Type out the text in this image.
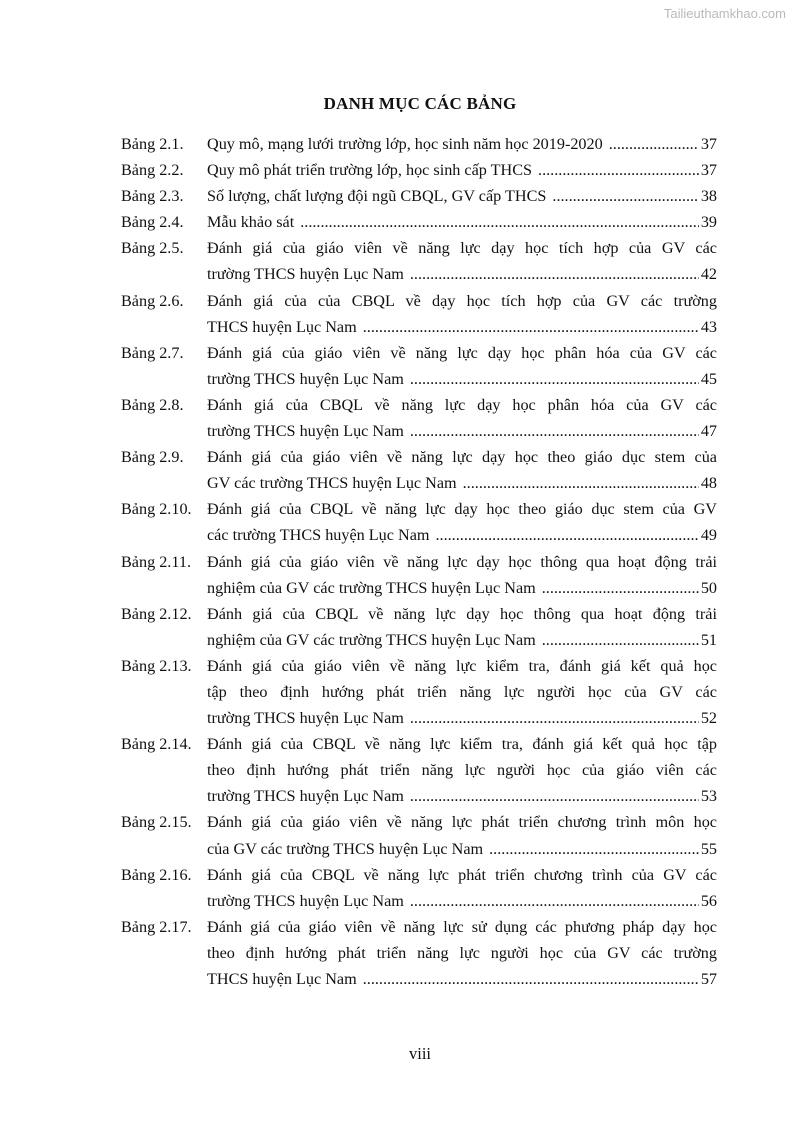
Tailieuthamkhao.com
DANH MỤC CÁC BẢNG
Bảng 2.1.	Quy mô, mạng lưới trường lớp, học sinh năm học 2019-2020 .....	37
Bảng 2.2.	Quy mô phát triển trường lớp, học sinh cấp THCS .....	37
Bảng 2.3.	Số lượng, chất lượng đội ngũ CBQL, GV cấp THCS .....	38
Bảng 2.4.	Mẫu khảo sát .....	39
Bảng 2.5.	Đánh giá của giáo viên về năng lực dạy học tích hợp của GV các
trường THCS huyện Lục Nam .....	42
Bảng 2.6.	Đánh giá của của CBQL về dạy học tích hợp của GV các trường
THCS huyện Lục Nam .....	43
Bảng 2.7.	Đánh giá của giáo viên về năng lực dạy học phân hóa của GV các
trường THCS huyện Lục Nam .....	45
Bảng 2.8.	Đánh giá của CBQL về năng lực dạy học phân hóa của GV các
trường THCS huyện Lục Nam .....	47
Bảng 2.9.	Đánh giá của giáo viên về năng lực dạy học theo giáo dục stem của
GV các trường THCS huyện Lục Nam .....	48
Bảng 2.10. Đánh giá của CBQL về năng lực dạy học theo giáo dục stem của GV
các trường THCS huyện Lục Nam .....	49
Bảng 2.11. Đánh giá của giáo viên về năng lực dạy học thông qua hoạt động trải
nghiệm của GV các trường THCS huyện Lục Nam .....	50
Bảng 2.12. Đánh giá của CBQL về năng lực dạy học thông qua hoạt động trải
nghiệm của GV các trường THCS huyện Lục Nam .....	51
Bảng 2.13. Đánh giá của giáo viên về năng lực kiểm tra, đánh giá kết quả học
tập theo định hướng phát triển năng lực người học của GV các
trường THCS huyện Lục Nam .....	52
Bảng 2.14. Đánh giá của CBQL về năng lực kiểm tra, đánh giá kết quả học tập
theo định hướng phát triển năng lực người học của giáo viên các
trường THCS huyện Lục Nam .....	53
Bảng 2.15. Đánh giá của giáo viên về năng lực phát triển chương trình môn học
của GV các trường THCS huyện Lục Nam .....	55
Bảng 2.16. Đánh giá của CBQL về năng lực phát triển chương trình của GV các
trường THCS huyện Lục Nam .....	56
Bảng 2.17. Đánh giá của giáo viên về năng lực sử dụng các phương pháp dạy học
theo định hướng phát triển năng lực người học của GV các trường
THCS huyện Lục Nam .....	57
viii
